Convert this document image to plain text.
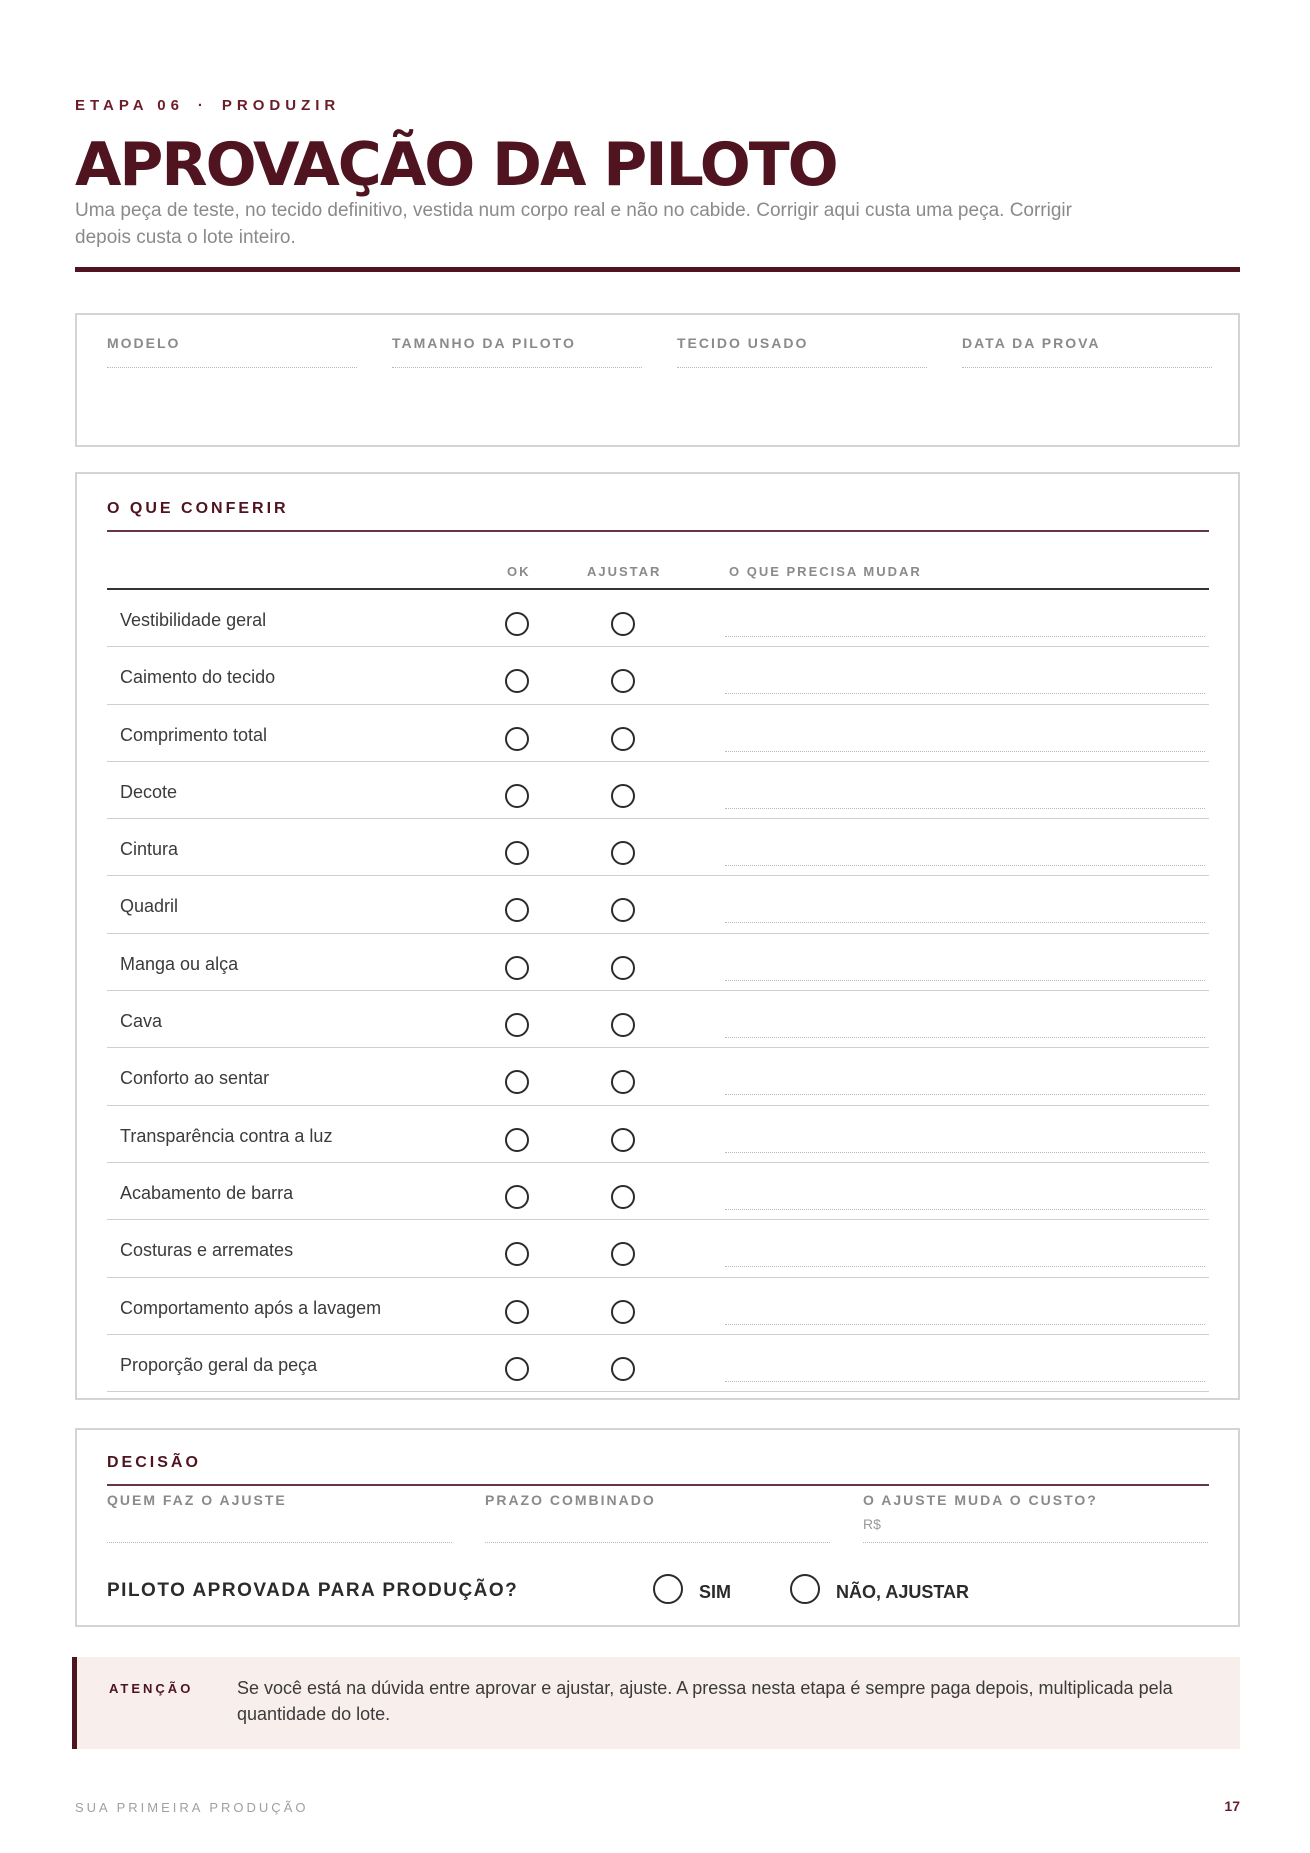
ETAPA 06 · PRODUZIR
APROVAÇÃO DA PILOTO
Uma peça de teste, no tecido definitivo, vestida num corpo real e não no cabide. Corrigir aqui custa uma peça. Corrigir depois custa o lote inteiro.
MODELO	TAMANHO DA PILOTO	TECIDO USADO	DATA DA PROVA
O QUE CONFERIR
OK	AJUSTAR	O QUE PRECISA MUDAR
Vestibilidade geral
Caimento do tecido
Comprimento total
Decote
Cintura
Quadril
Manga ou alça
Cava
Conforto ao sentar
Transparência contra a luz
Acabamento de barra
Costuras e arremates
Comportamento após a lavagem
Proporção geral da peça
DECISÃO
QUEM FAZ O AJUSTE	PRAZO COMBINADO	O AJUSTE MUDA O CUSTO?
R$
PILOTO APROVADA PARA PRODUÇÃO?	SIM	NÃO, AJUSTAR
ATENÇÃO Se você está na dúvida entre aprovar e ajustar, ajuste. A pressa nesta etapa é sempre paga depois, multiplicada pela quantidade do lote.
SUA PRIMEIRA PRODUÇÃO	17
